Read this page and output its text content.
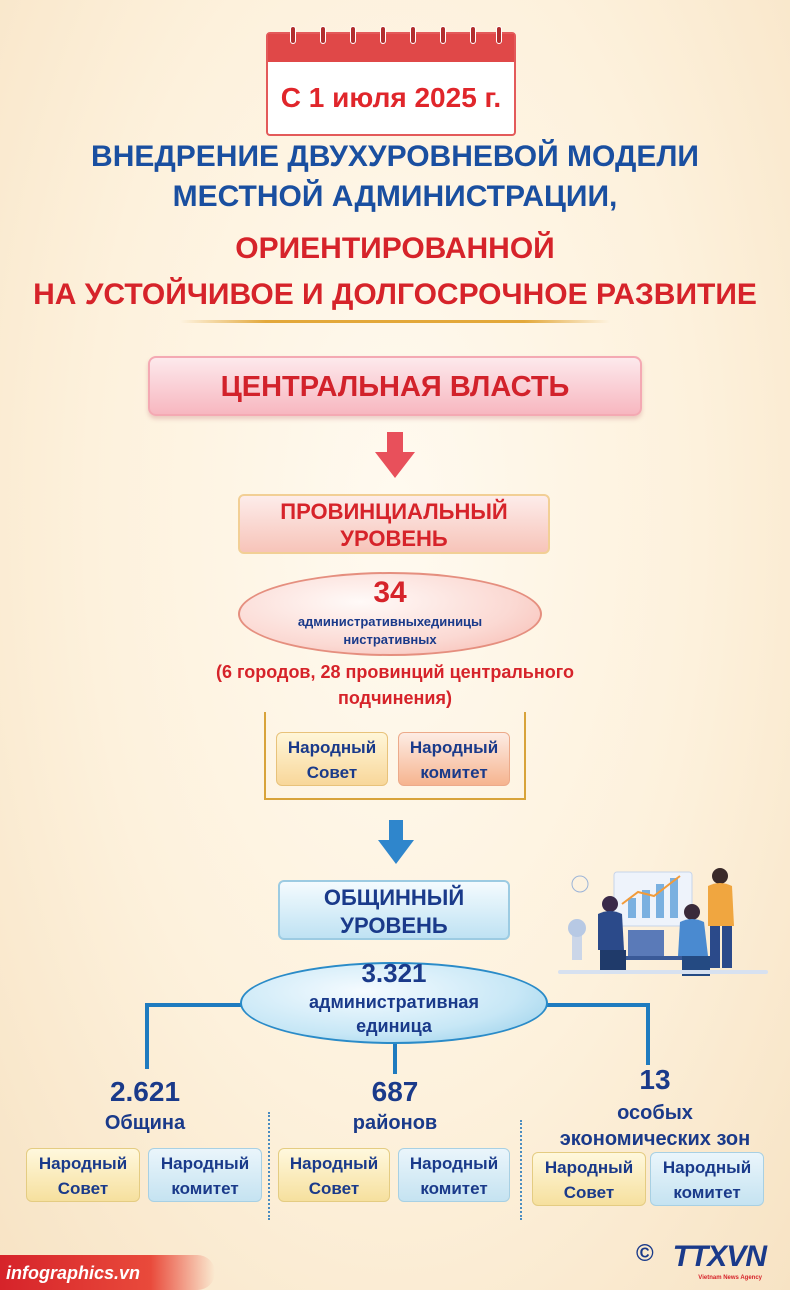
С 1 июля 2025 г.
ВНЕДРЕНИЕ ДВУХУРОВНЕВОЙ МОДЕЛИ
МЕСТНОЙ АДМИНИСТРАЦИИ,
ОРИЕНТИРОВАННОЙ
НА УСТОЙЧИВОЕ И ДОЛГОСРОЧНОЕ РАЗВИТИЕ
ЦЕНТРАЛЬНАЯ ВЛАСТЬ
ПРОВИНЦИАЛЬНЫЙ
УРОВЕНЬ
34
административныхединицы
нистративных
(6 городов, 28 провинций центрального
подчинения)
Народный
Совет
Народный
комитет
ОБЩИННЫЙ
УРОВЕНЬ
3.321
административная
единица
2.621
Община
Народный
Совет
Народный
комитет
687
районов
Народный
Совет
Народный
комитет
13
особых
экономических зон
Народный
Совет
Народный
комитет
infographics.vn
© TTXVN
Vietnam News Agency
